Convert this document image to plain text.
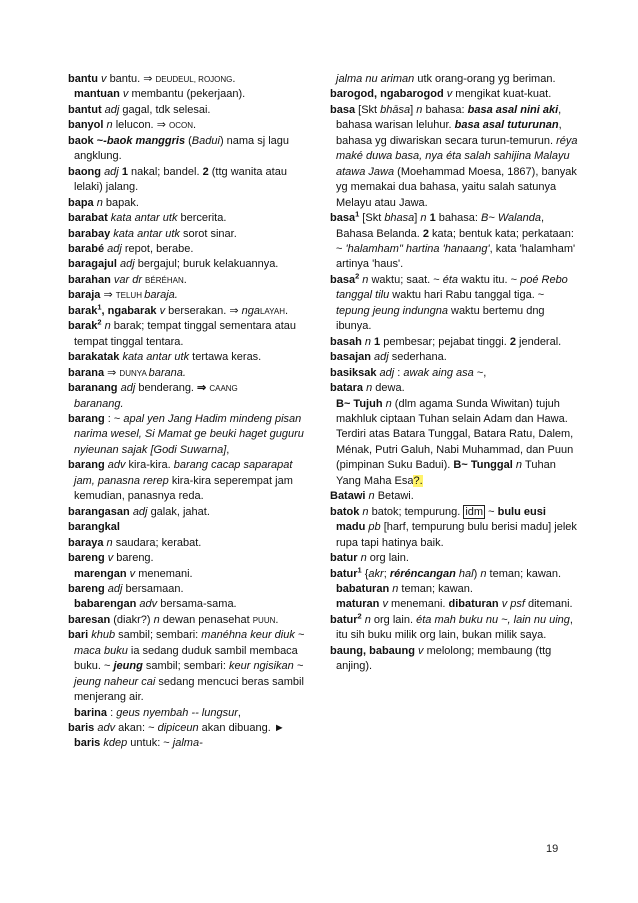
bantu v bantu. ⇒ DEUDEUL, ROJONG.

mantuan v membantu (pekerjaan).

bantut adj gagal, tdk selesai.

banyol n lelucon. ⇒ OCON.

baok ~-baok manggris (Badui) nama sj lagu angklung.

baong adj 1 nakal; bandel. 2 (ttg wanita atau lelaki) jalang.

bapa n bapak.

barabat kata antar utk bercerita.

barabay kata antar utk sorot sinar.

barabé adj repot, berabe.

baragajul adj bergajul; buruk kelakuannya.

barahan var dr BÉRÉHAN.

baraja ⇒ TELUH baraja.

barak$^1$, ngabarak v berserakan. ⇒ ngaLAYAH.

barak$^2$ n barak; tempat tinggal sementara atau tempat tinggal tentara.

barakatak kata antar utk tertawa keras.

barana ⇒ DUNYA barana.

baranang adj benderang. ⇒ CAANG

baranang.

barang : ~ apal yen Jang Hadim mindeng pisan narima wesel, Si Mamat ge beuki haget guguru nyieunan sajak [Godi Suwarna],

barang adv kira-kira. barang cacap saparapat jam, panasna rerep kira-kira seperempat jam kemudian, panasnya reda.

barangasan adj galak, jahat.

barangkal

baraya n saudara; kerabat.

bareng v bareng.

marengan v menemani.

bareng adj bersamaan.

babarengan adv bersama-sama.

baresan (diakr?) n dewan penasehat PUUN.

bari khub sambil; sembari: manéhna keur diuk ~ maca buku ia sedang duduk sambil membaca buku. ~ jeung sambil; sembari: keur ngisikan ~ jeung naheur cai sedang mencuci beras sambil menjerang air.

barina : geus nyembah -- lungsur,

baris adv akan: ~ dipiceun akan dibuang. ► baris kdep untuk: ~ jalma-

jalma nu ariman utk orang-orang yg beriman.

barogod, ngabarogod v mengikat kuat-kuat.

basa [Skt bhāsa] n bahasa: basa asal nini aki, bahasa warisan leluhur. basa asal tuturunan, bahasa yg diwariskan secara turun-temurun. réya maké duwa basa, nya éta salah sahijina Malayu atawa Jawa (Moehammad Moesa, 1867), banyak yg memakai dua bahasa, yaitu salah satunya Melayu atau Jawa.

basa$^1$ [Skt bhasa] n 1 bahasa: B~ Walanda, Bahasa Belanda. 2 kata; bentuk kata; perkataan: ~ 'halamham" hartina 'hanaang', kata 'halamham' artinya 'haus'.

basa$^2$ n waktu; saat. ~ éta waktu itu. ~ poé Rebo tanggal tilu waktu hari Rabu tanggal tiga. ~ tepung jeung indungna waktu bertemu dng ibunya.

basah n 1 pembesar; pejabat tinggi. 2 jenderal.

basajan adj sederhana.

basiksak adj : awak aing asa ~,

batara n dewa.

B~ Tujuh n (dlm agama Sunda Wiwitan) tujuh makhluk ciptaan Tuhan selain Adam dan Hawa. Terdiri atas Batara Tunggal, Batara Ratu, Dalem, Ménak, Putri Galuh, Nabi Muhammad, dan Puun (pimpinan Suku Badui). B~ Tunggal n Tuhan Yang Maha Esa?.

Batawi n Betawi.

batok n batok; tempurung. idm ~ bulu eusi madu pb [harf, tempurung bulu berisi madu] jelek rupa tapi hatinya baik.

batur n org lain.

batur$^1$ {akr; réréncangan hal) n teman; kawan.

babaturan n teman; kawan.

maturan v menemani. dibaturan v psf ditemani.

batur$^2$ n org lain. éta mah buku nu ~, lain nu uing, itu sih buku milik org lain, bukan milik saya.

baung, babaung v melolong; membaung (ttg anjing).

19
